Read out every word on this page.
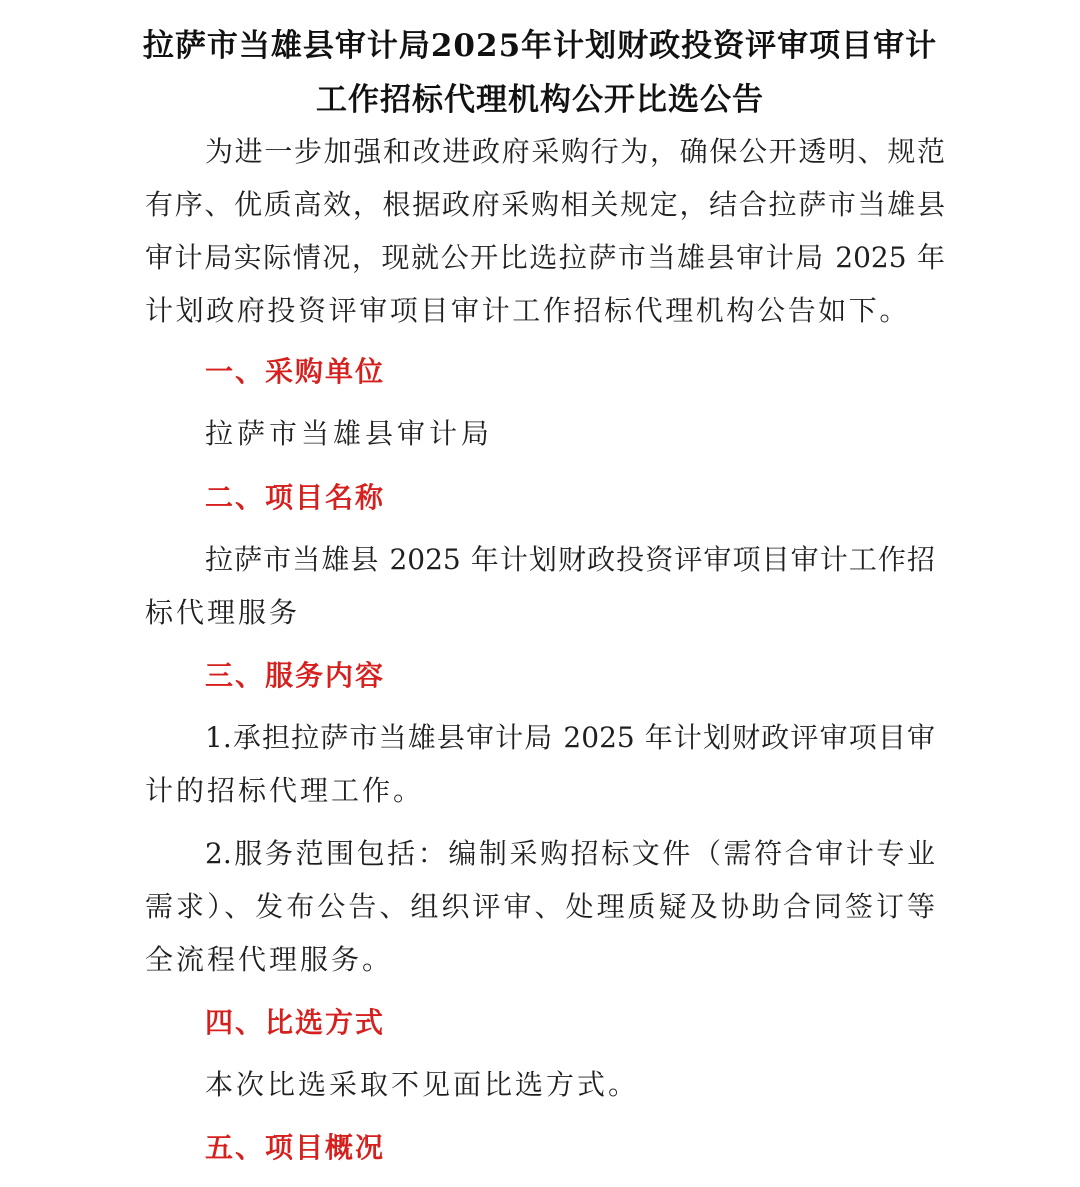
拉萨市当雄县审计局2025年计划财政投资评审项目审计
工作招标代理机构公开比选公告
为进一步加强和改进政府采购行为，确保公开透明、规范
有序、优质高效，根据政府采购相关规定，结合拉萨市当雄县
审计局实际情况，现就公开比选拉萨市当雄县审计局 2025 年
计划政府投资评审项目审计工作招标代理机构公告如下。
一、采购单位
拉萨市当雄县审计局
二、项目名称
拉萨市当雄县 2025 年计划财政投资评审项目审计工作招
标代理服务
三、服务内容
1.承担拉萨市当雄县审计局 2025 年计划财政评审项目审
计的招标代理工作。
2.服务范围包括：编制采购招标文件（需符合审计专业
需求）、发布公告、组织评审、处理质疑及协助合同签订等
全流程代理服务。
四、比选方式
本次比选采取不见面比选方式。
五、项目概况
